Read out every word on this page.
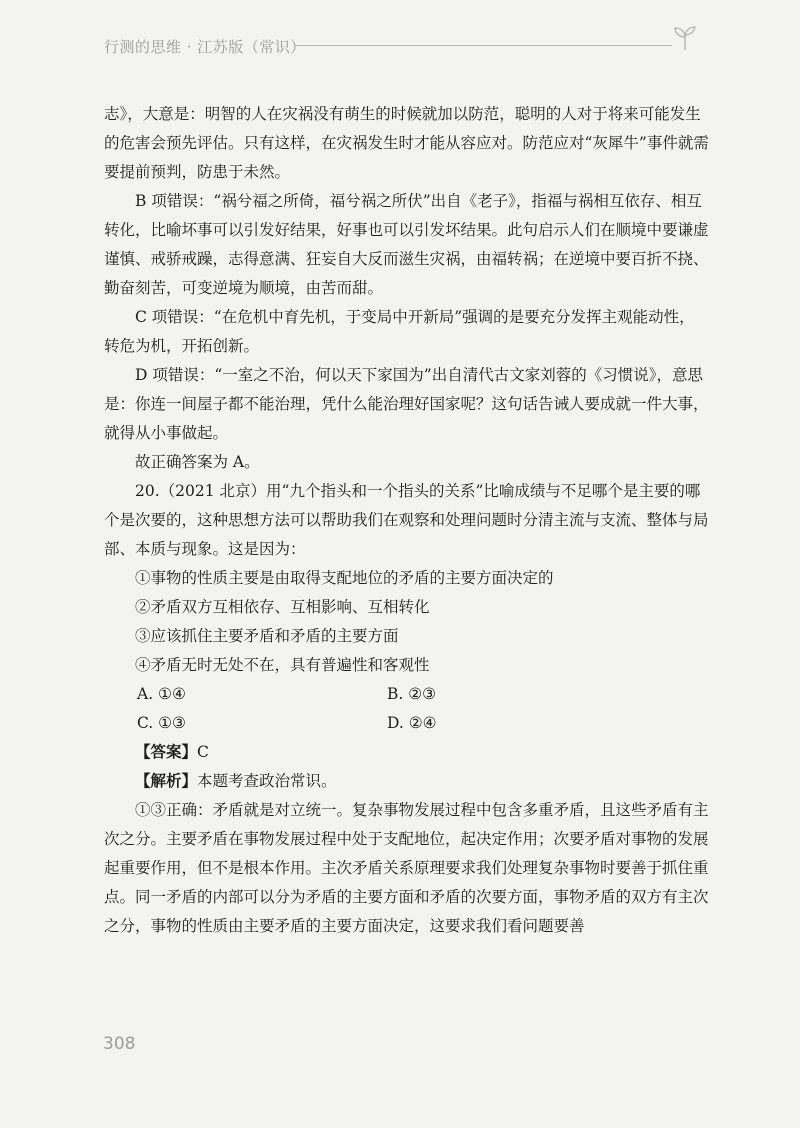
行测的思维 · 江苏版（常识）

志》，大意是：明智的人在灾祸没有萌生的时候就加以防范，聪明的人对于将来可能发生的危害会预先评估。只有这样，在灾祸发生时才能从容应对。防范应对“灰犀牛”事件就需要提前预判，防患于未然。

B 项错误：“祸兮福之所倚，福兮祸之所伏”出自《老子》，指福与祸相互依存、相互转化，比喻坏事可以引发好结果，好事也可以引发坏结果。此句启示人们在顺境中要谦虚谨慎、戒骄戒躁，志得意满、狂妄自大反而滋生灾祸，由福转祸；在逆境中要百折不挠、勤奋刻苦，可变逆境为顺境，由苦而甜。

C 项错误：“在危机中育先机，于变局中开新局”强调的是要充分发挥主观能动性，转危为机，开拓创新。

D 项错误：“一室之不治，何以天下家国为”出自清代古文家刘蓉的《习惯说》，意思是：你连一间屋子都不能治理，凭什么能治理好国家呢？这句话告诫人要成就一件大事，就得从小事做起。

故正确答案为 A。

20.（2021 北京）用“九个指头和一个指头的关系”比喻成绩与不足哪个是主要的哪个是次要的，这种思想方法可以帮助我们在观察和处理问题时分清主流与支流、整体与局部、本质与现象。这是因为：

①事物的性质主要是由取得支配地位的矛盾的主要方面决定的

②矛盾双方互相依存、互相影响、互相转化

③应该抓住主要矛盾和矛盾的主要方面

④矛盾无时无处不在，具有普遍性和客观性

A. ①④	B. ②③
C. ①③	D. ②④

【答案】C

【解析】本题考查政治常识。

①③正确：矛盾就是对立统一。复杂事物发展过程中包含多重矛盾，且这些矛盾有主次之分。主要矛盾在事物发展过程中处于支配地位，起决定作用；次要矛盾对事物的发展起重要作用，但不是根本作用。主次矛盾关系原理要求我们处理复杂事物时要善于抓住重点。同一矛盾的内部可以分为矛盾的主要方面和矛盾的次要方面，事物矛盾的双方有主次之分，事物的性质由主要矛盾的主要方面决定，这要求我们看问题要善

308
